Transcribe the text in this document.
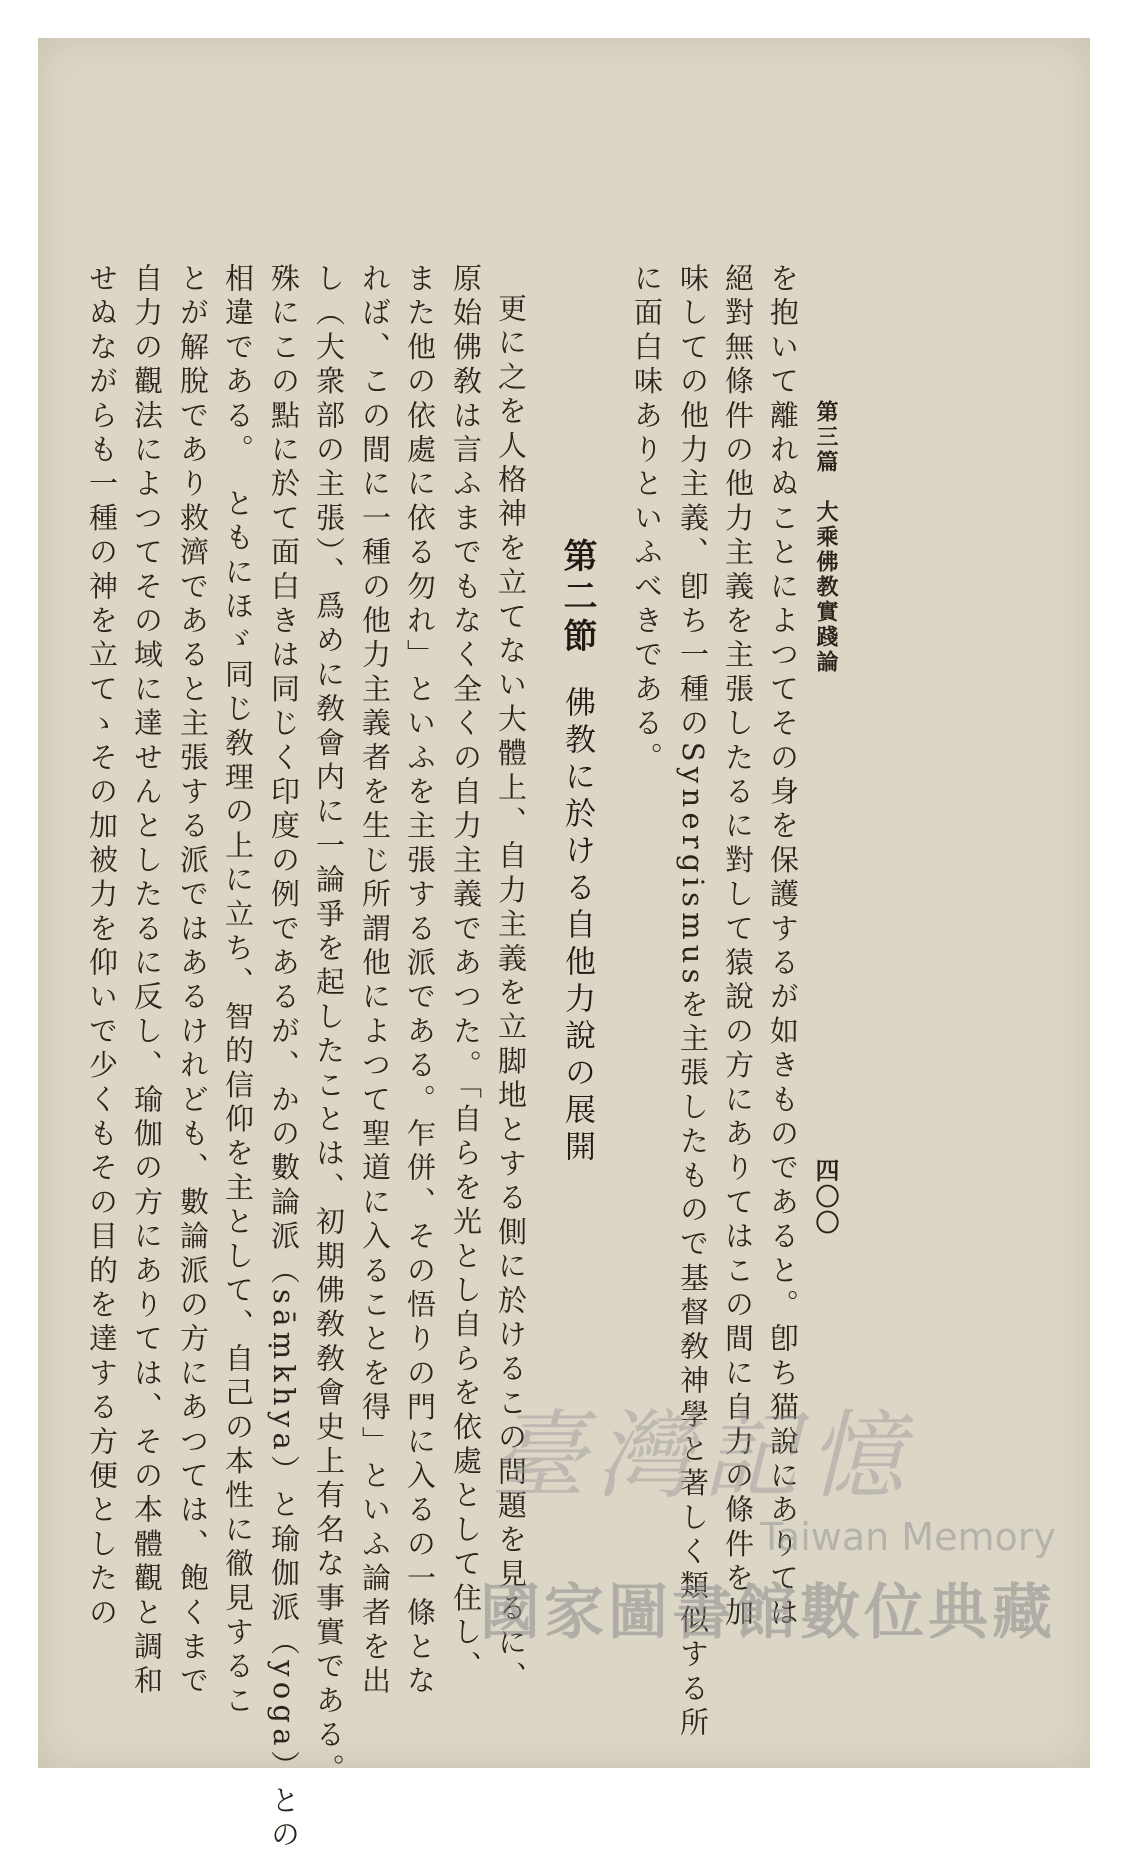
第三篇　大乘佛教實踐論
四〇〇
を抱いて離れぬことによつてその身を保護するが如きものであると。卽ち猫說にありては
絕對無條件の他力主義を主張したるに對して猿說の方にありてはこの間に自力の條件を加
味しての他力主義、卽ち一種のSynergismusを主張したもので基督敎神學と著しく類似する所
に面白味ありといふべきである。
第二節佛教に於ける自他力說の展開
更に之を人格神を立てない大體上、自力主義を立脚地とする側に於けるこの問題を見るに、
原始佛敎は言ふまでもなく全くの自力主義であつた。「自らを光とし自らを依處として住し、
また他の依處に依る勿れ」といふを主張する派である。乍併、その悟りの門に入るの一條とな
れば、この間に一種の他力主義者を生じ所謂他によつて聖道に入ることを得」といふ論者を出
し（大衆部の主張）、爲めに敎會内に一論爭を起したことは、初期佛敎敎會史上有名な事實である。
殊にこの點に於て面白きは同じく印度の例であるが、かの數論派（sāṃkhya）と瑜伽派（yoga）との
相違である。　ともにほゞ同じ敎理の上に立ち、智的信仰を主として、自己の本性に徹見するこ
とが解脫であり救濟であると主張する派ではあるけれども、數論派の方にあつては、飽くまで
自力の觀法によつてその域に達せんとしたるに反し、瑜伽の方にありては、その本體觀と調和
せぬながらも一種の神を立てゝその加被力を仰いで少くもその目的を達する方便としたの	臺灣記憶
Taiwan Memory
國家圖書館數位典藏
